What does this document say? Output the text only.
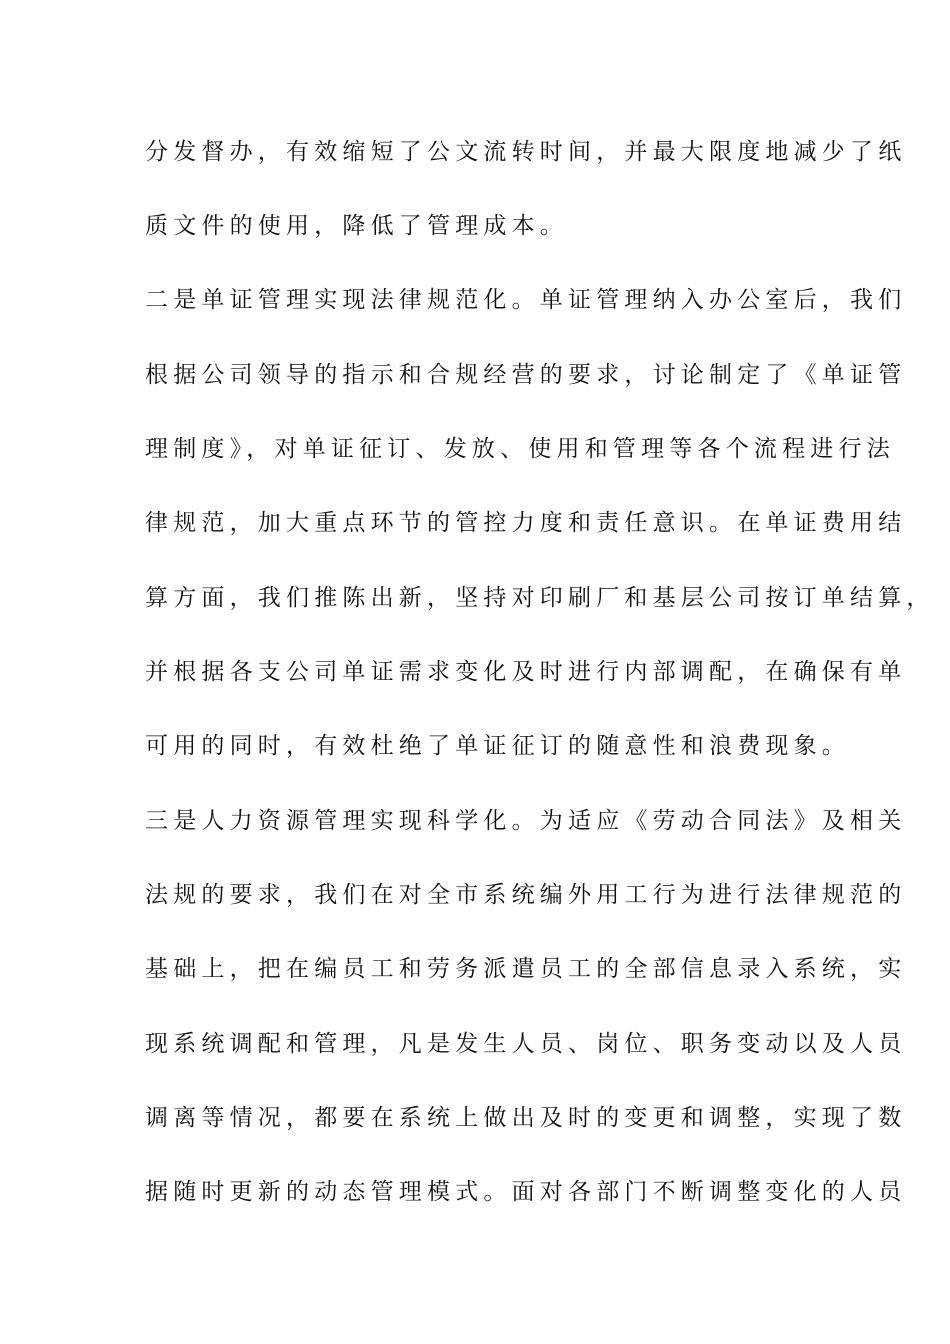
分发督办，有效缩短了公文流转时间，并最大限度地减少了纸
质文件的使用，降低了管理成本。
二是单证管理实现法律规范化。单证管理纳入办公室后，我们
根据公司领导的指示和合规经营的要求，讨论制定了《单证管
理制度》，对单证征订、发放、使用和管理等各个流程进行法
律规范，加大重点环节的管控力度和责任意识。在单证费用结
算方面，我们推陈出新，坚持对印刷厂和基层公司按订单结算，
并根据各支公司单证需求变化及时进行内部调配，在确保有单
可用的同时，有效杜绝了单证征订的随意性和浪费现象。
三是人力资源管理实现科学化。为适应《劳动合同法》及相关
法规的要求，我们在对全市系统编外用工行为进行法律规范的
基础上，把在编员工和劳务派遣员工的全部信息录入系统，实
现系统调配和管理，凡是发生人员、岗位、职务变动以及人员
调离等情况，都要在系统上做出及时的变更和调整，实现了数
据随时更新的动态管理模式。面对各部门不断调整变化的人员
